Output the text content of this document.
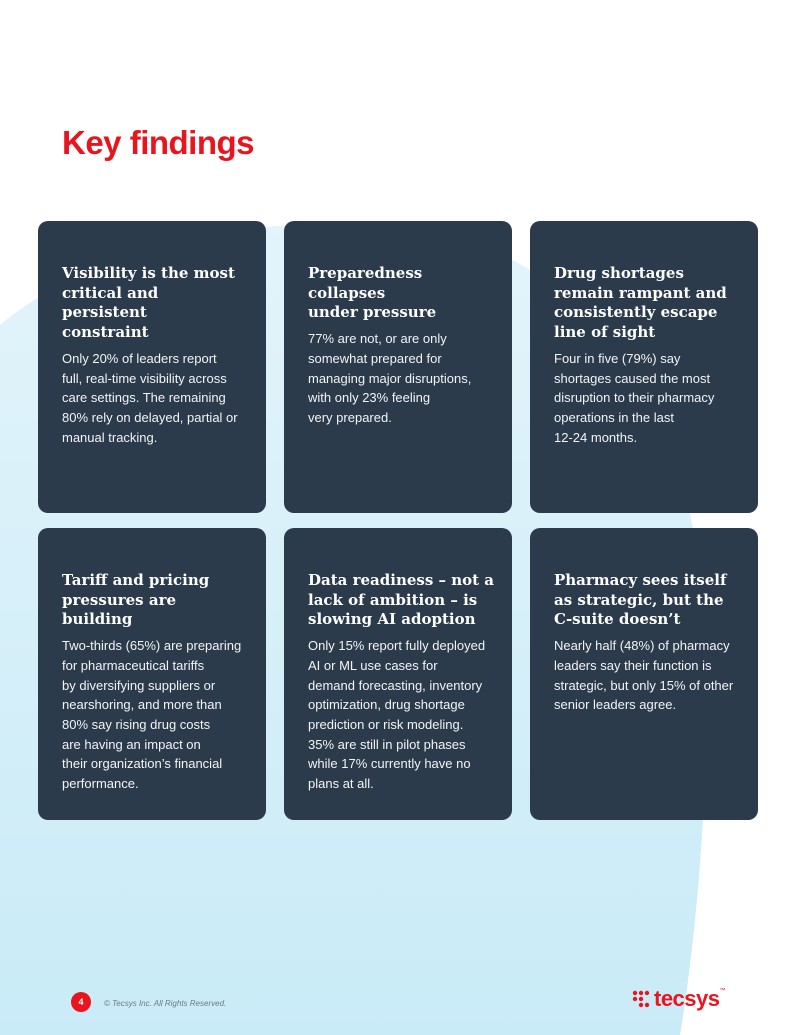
Key findings
Visibility is the most
critical and persistent
constraint

Only 20% of leaders report
full, real-time visibility across
care settings. The remaining
80% rely on delayed, partial or
manual tracking.

Preparedness collapses
under pressure

77% are not, or are only
somewhat prepared for
managing major disruptions,
with only 23% feeling
very prepared.

Drug shortages
remain rampant and
consistently escape
line of sight

Four in five (79%) say
shortages caused the most
disruption to their pharmacy
operations in the last
12-24 months.

Tariff and pricing
pressures are building

Two-thirds (65%) are preparing
for pharmaceutical tariffs
by diversifying suppliers or
nearshoring, and more than
80% say rising drug costs
are having an impact on
their organization’s financial
performance.

Data readiness – not a
lack of ambition – is
slowing AI adoption

Only 15% report fully deployed
AI or ML use cases for
demand forecasting, inventory
optimization, drug shortage
prediction or risk modeling.
35% are still in pilot phases
while 17% currently have no
plans at all.

Pharmacy sees itself
as strategic, but the
C-suite doesn’t

Nearly half (48%) of pharmacy
leaders say their function is
strategic, but only 15% of other
senior leaders agree.

4	© Tecsys Inc. All Rights Reserved.	tecsys ™
